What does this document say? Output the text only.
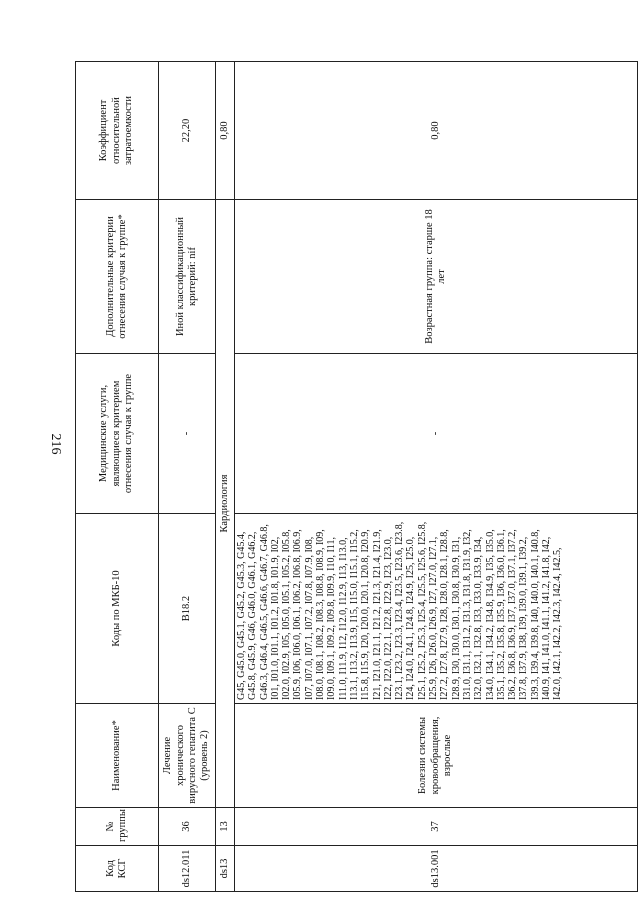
216
Код КСГ	№ группы	Наименование*	Коды по МКБ-10	Медицинские услуги, являющиеся критерием отнесения случая к группе	Дополнительные критерии отнесения случая к группе*	Коэффициент относительной затратоемкости
ds12.011	36	Лечение хронического вирусного гепатита С (уровень 2)	B18.2	-	Иной классификационный критерий: nif	22,20
ds13	13	Кардиология				0,80
ds13.001	37	Болезни системы кровообращения, взрослые	G45, G45.0, G45.1, G45.2, G45.3, G45.4, G45.8, G45.9, G46, G46.0, G46.1, G46.2, G46.3, G46.4, G46.5, G46.6, G46.7, G46.8, I01, I01.0, I01.1, I01.2, I01.8, I01.9, I02, I02.0, I02.9, I05, I05.0, I05.1, I05.2, I05.8, I05.9, I06, I06.0, I06.1, I06.2, I06.8, I06.9, I07, I07.0, I07.1, I07.2, I07.8, I07.9, I08, I08.0, I08.1, I08.2, I08.3, I08.8, I08.9, I09, I09.0, I09.1, I09.2, I09.8, I09.9, I10, I11, I11.0, I11.9, I12, I12.0, I12.9, I13, I13.0, I13.1, I13.2, I13.9, I15, I15.0, I15.1, I15.2, I15.8, I15.9, I20, I20.0, I20.1, I20.8, I20.9, I21, I21.0, I21.1, I21.2, I21.3, I21.4, I21.9, I22, I22.0, I22.1, I22.8, I22.9, I23, I23.0, I23.1, I23.2, I23.3, I23.4, I23.5, I23.6, I23.8, I24, I24.0, I24.1, I24.8, I24.9, I25, I25.0, I25.1, I25.2, I25.3, I25.4, I25.5, I25.6, I25.8, I25.9, I26, I26.0, I26.9, I27, I27.0, I27.1, I27.2, I27.8, I27.9, I28, I28.0, I28.1, I28.8, I28.9, I30, I30.0, I30.1, I30.8, I30.9, I31, I31.0, I31.1, I31.2, I31.3, I31.8, I31.9, I32, I32.0, I32.1, I32.8, I33, I33.0, I33.9, I34, I34.0, I34.1, I34.2, I34.8, I34.9, I35, I35.0, I35.1, I35.2, I35.8, I35.9, I36, I36.0, I36.1, I36.2, I36.8, I36.9, I37, I37.0, I37.1, I37.2, I37.8, I37.9, I38, I39, I39.0, I39.1, I39.2, I39.3, I39.4, I39.8, I40, I40.0, I40.1, I40.8, I40.9, I41, I41.0, I41.1, I41.2, I41.8, I42, I42.0, I42.1, I42.2, I42.3, I42.4, I42.5,	-	Возрастная группа: старше 18 лет	0,80
